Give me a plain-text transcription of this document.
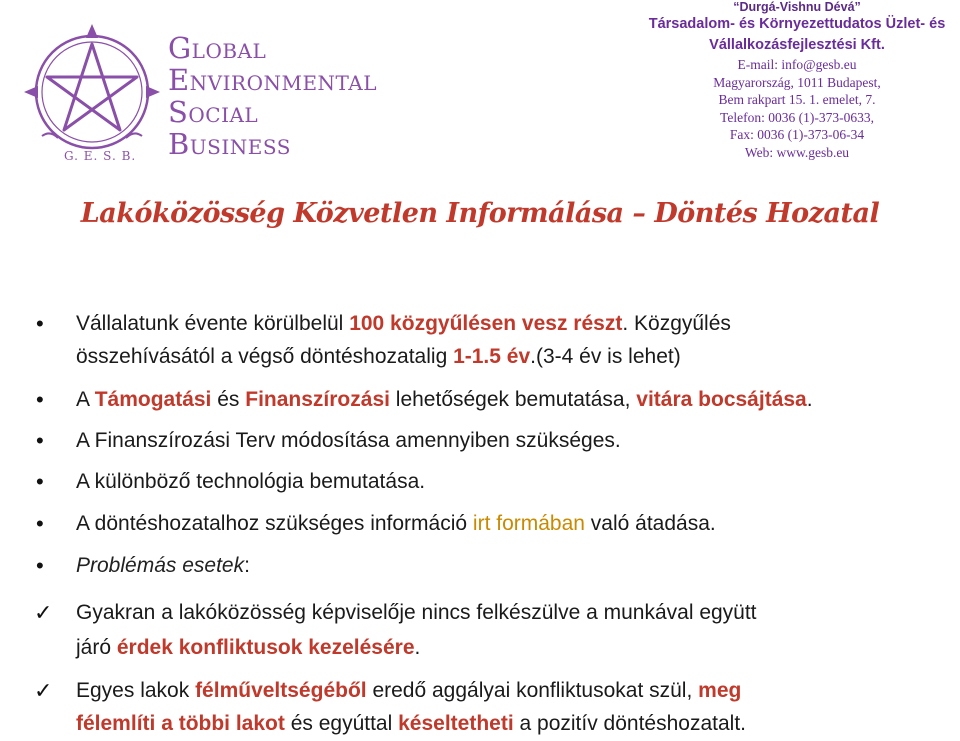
G. E. S. B.
Global
Environmental
Social
Business
“Durgá-Vishnu Dévá”
Társadalom- és Környezettudatos Üzlet- és
Vállalkozásfejlesztési Kft.
E-mail: info@gesb.eu
Magyarország, 1011 Budapest,
Bem rakpart 15. 1. emelet, 7.
Telefon: 0036 (1)-373-0633,
Fax: 0036 (1)-373-06-34
Web: www.gesb.eu
Lakóközösség Közvetlen Informálása – Döntés Hozatal
• Vállalatunk évente körülbelül 100 közgyűlésen vesz részt. Közgyűlés
összehívásától a végső döntéshozatalig 1-1.5 év.(3-4 év is lehet)
• A Támogatási és Finanszírozási lehetőségek bemutatása, vitára bocsájtása.
• A Finanszírozási Terv módosítása amennyiben szükséges.
• A különböző technológia bemutatása.
• A döntéshozatalhoz szükséges információ irt formában való átadása.
• Problémás esetek:
✓ Gyakran a lakóközösség képviselője nincs felkészülve a munkával együtt
járó érdek konfliktusok kezelésére.
✓ Egyes lakok félműveltségéből eredő aggályai konfliktusokat szül, meg
félemlíti a többi lakot és egyúttal késeltetheti a pozitív döntéshozatalt.
